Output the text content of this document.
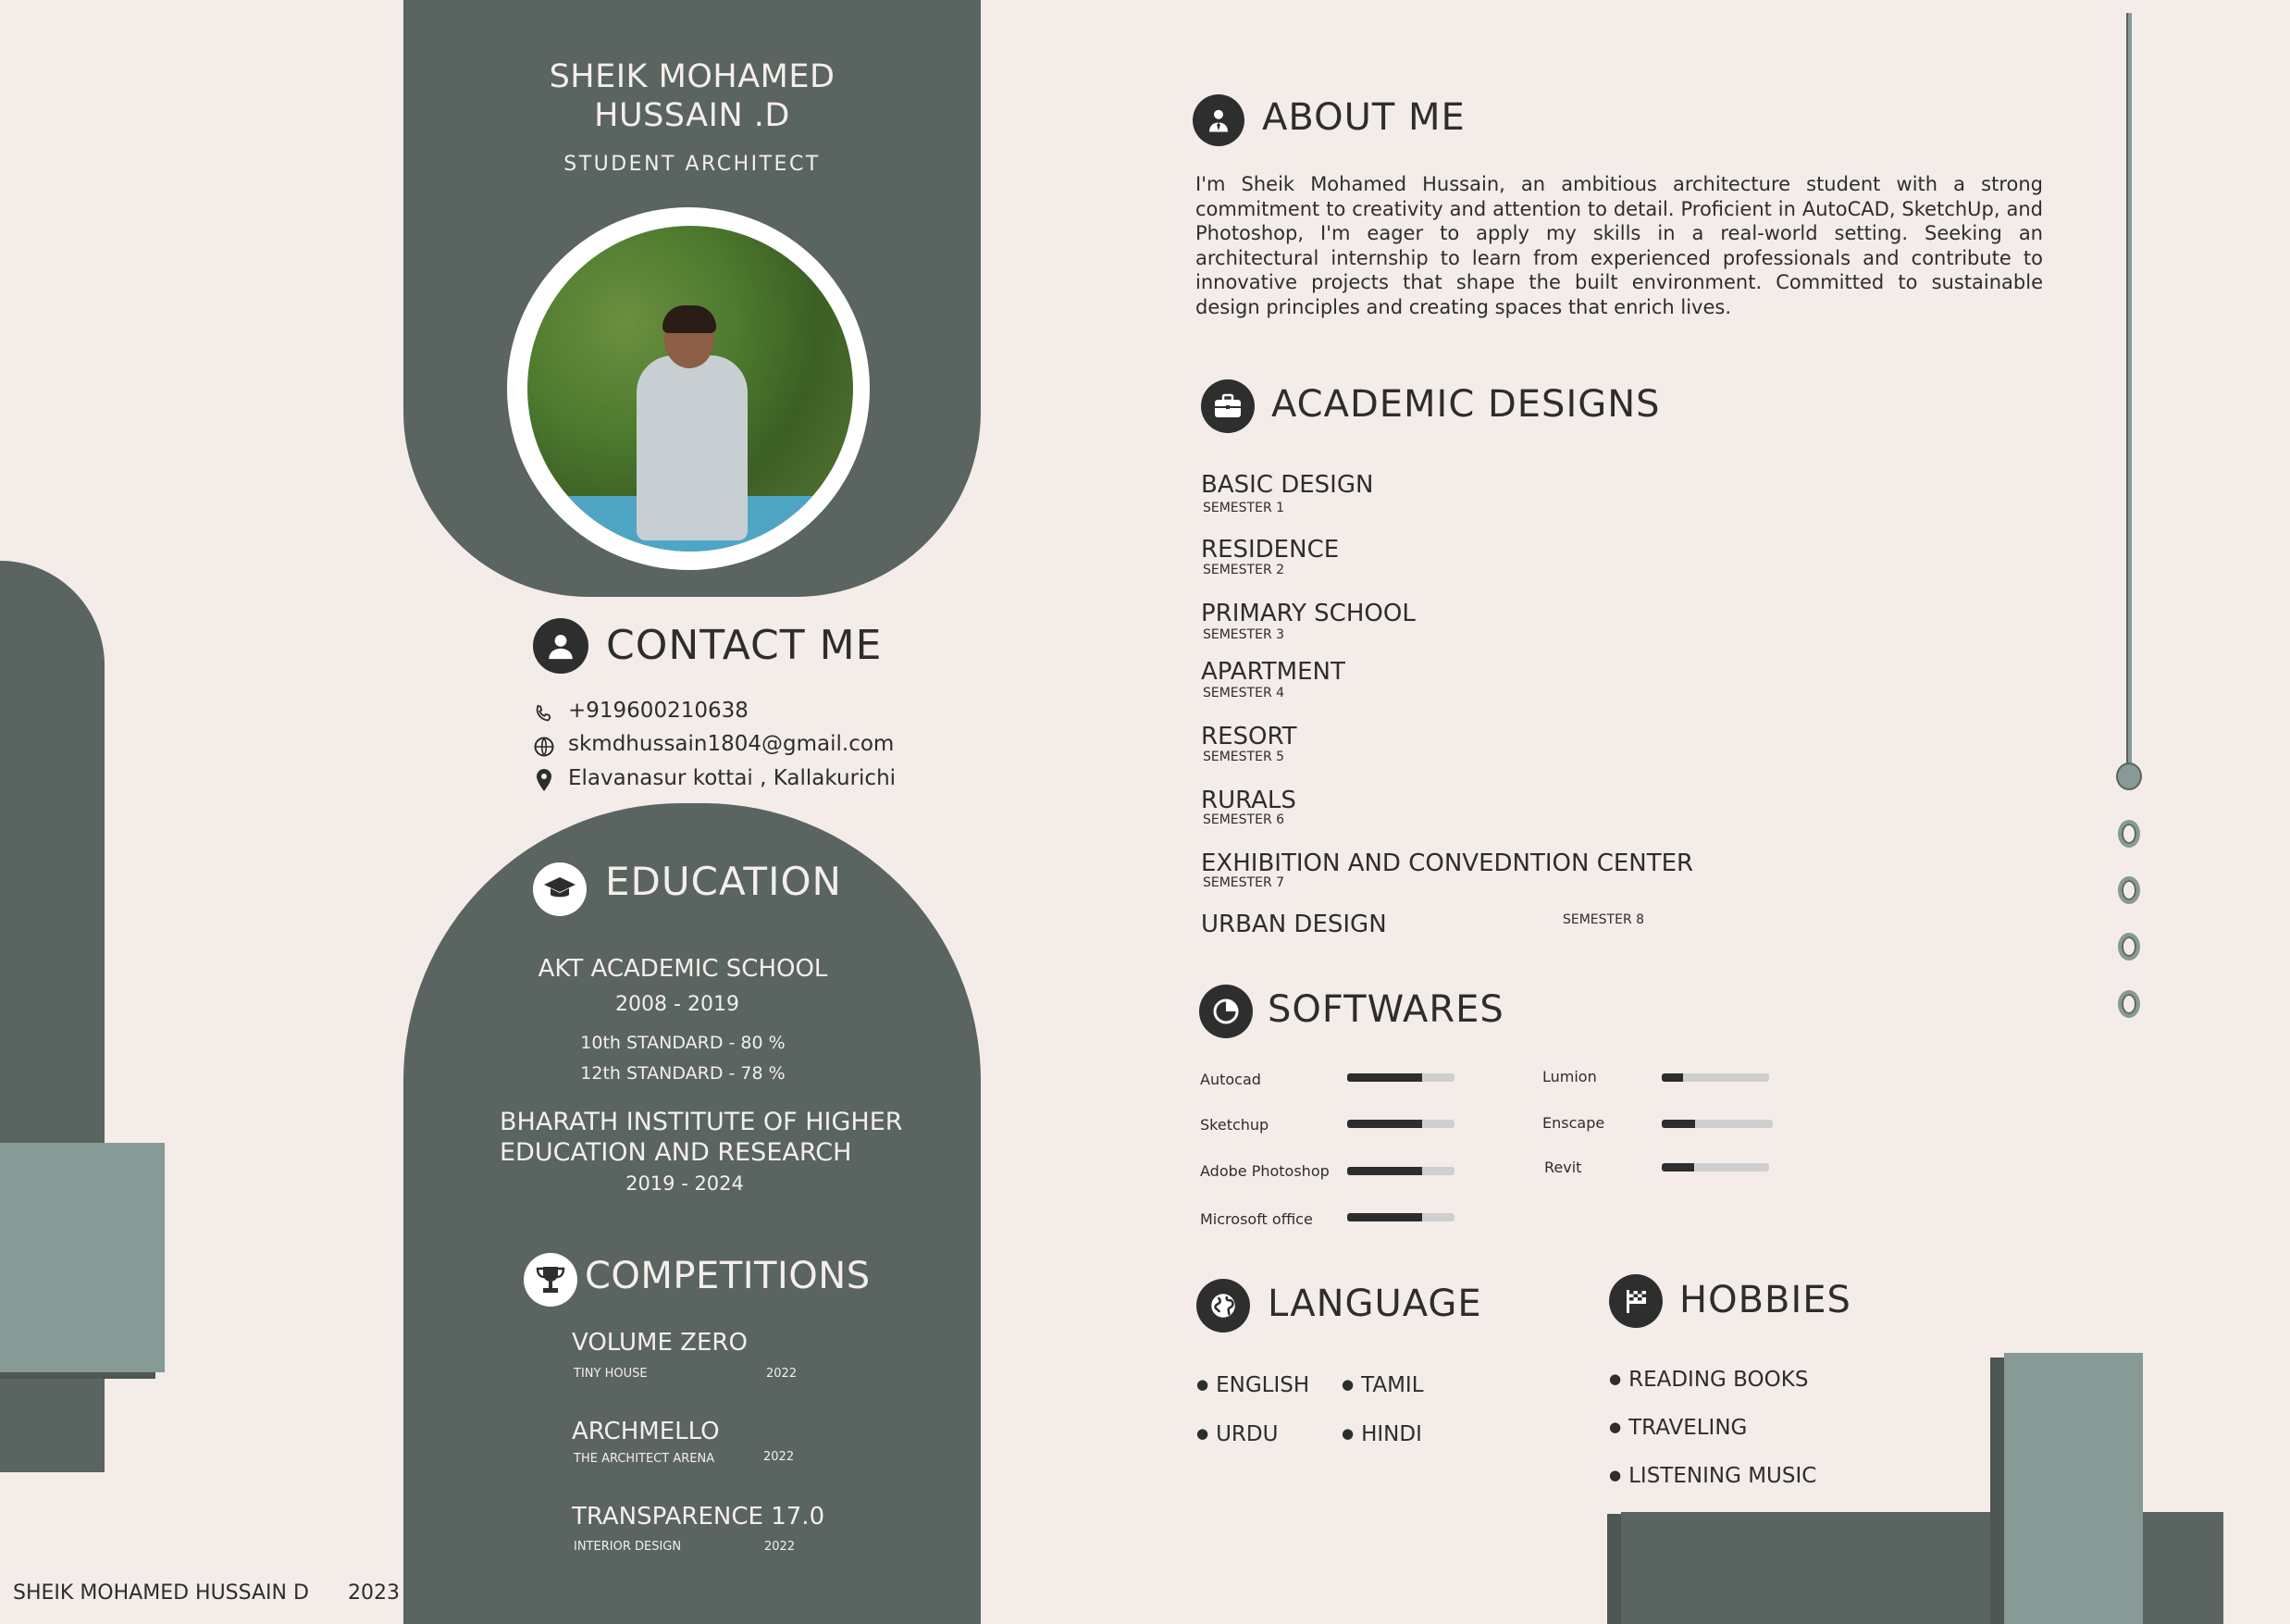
SHEIK MOHAMED
HUSSAIN .D
STUDENT ARCHITECT
CONTACT ME
+919600210638
skmdhussain1804@gmail.com
Elavanasur kottai , Kallakurichi
EDUCATION
AKT ACADEMIC SCHOOL
2008 - 2019
10th STANDARD - 80 %
12th STANDARD - 78 %
BHARATH INSTITUTE OF HIGHER
EDUCATION AND RESEARCH
2019 - 2024
COMPETITIONS
VOLUME ZERO
TINY HOUSE	2022
ARCHMELLO
THE ARCHITECT ARENA	2022
TRANSPARENCE 17.0
INTERIOR DESIGN	2022
SHEIK MOHAMED HUSSAIN D 2023
ABOUT ME
I'm Sheik Mohamed Hussain, an ambitious architecture student with a strong commitment to creativity and attention to detail. Proficient in AutoCAD, SketchUp, and Photoshop, I'm eager to apply my skills in a real-world setting. Seeking an architectural internship to learn from experienced professionals and contribute to innovative projects that shape the built environment. Committed to sustainable design principles and creating spaces that enrich lives.
ACADEMIC DESIGNS
BASIC DESIGN
SEMESTER 1
RESIDENCE
SEMESTER 2
PRIMARY SCHOOL
SEMESTER 3
APARTMENT
SEMESTER 4
RESORT
SEMESTER 5
RURALS
SEMESTER 6
EXHIBITION AND CONVEDNTION CENTER
SEMESTER 7
URBAN DESIGN	SEMESTER 8
SOFTWARES
Autocad
Sketchup
Adobe Photoshop
Microsoft office
Lumion
Enscape
Revit
LANGUAGE
● ENGLISH	● TAMIL
● URDU	● HINDI
HOBBIES
● READING BOOKS
● TRAVELING
● LISTENING MUSIC
